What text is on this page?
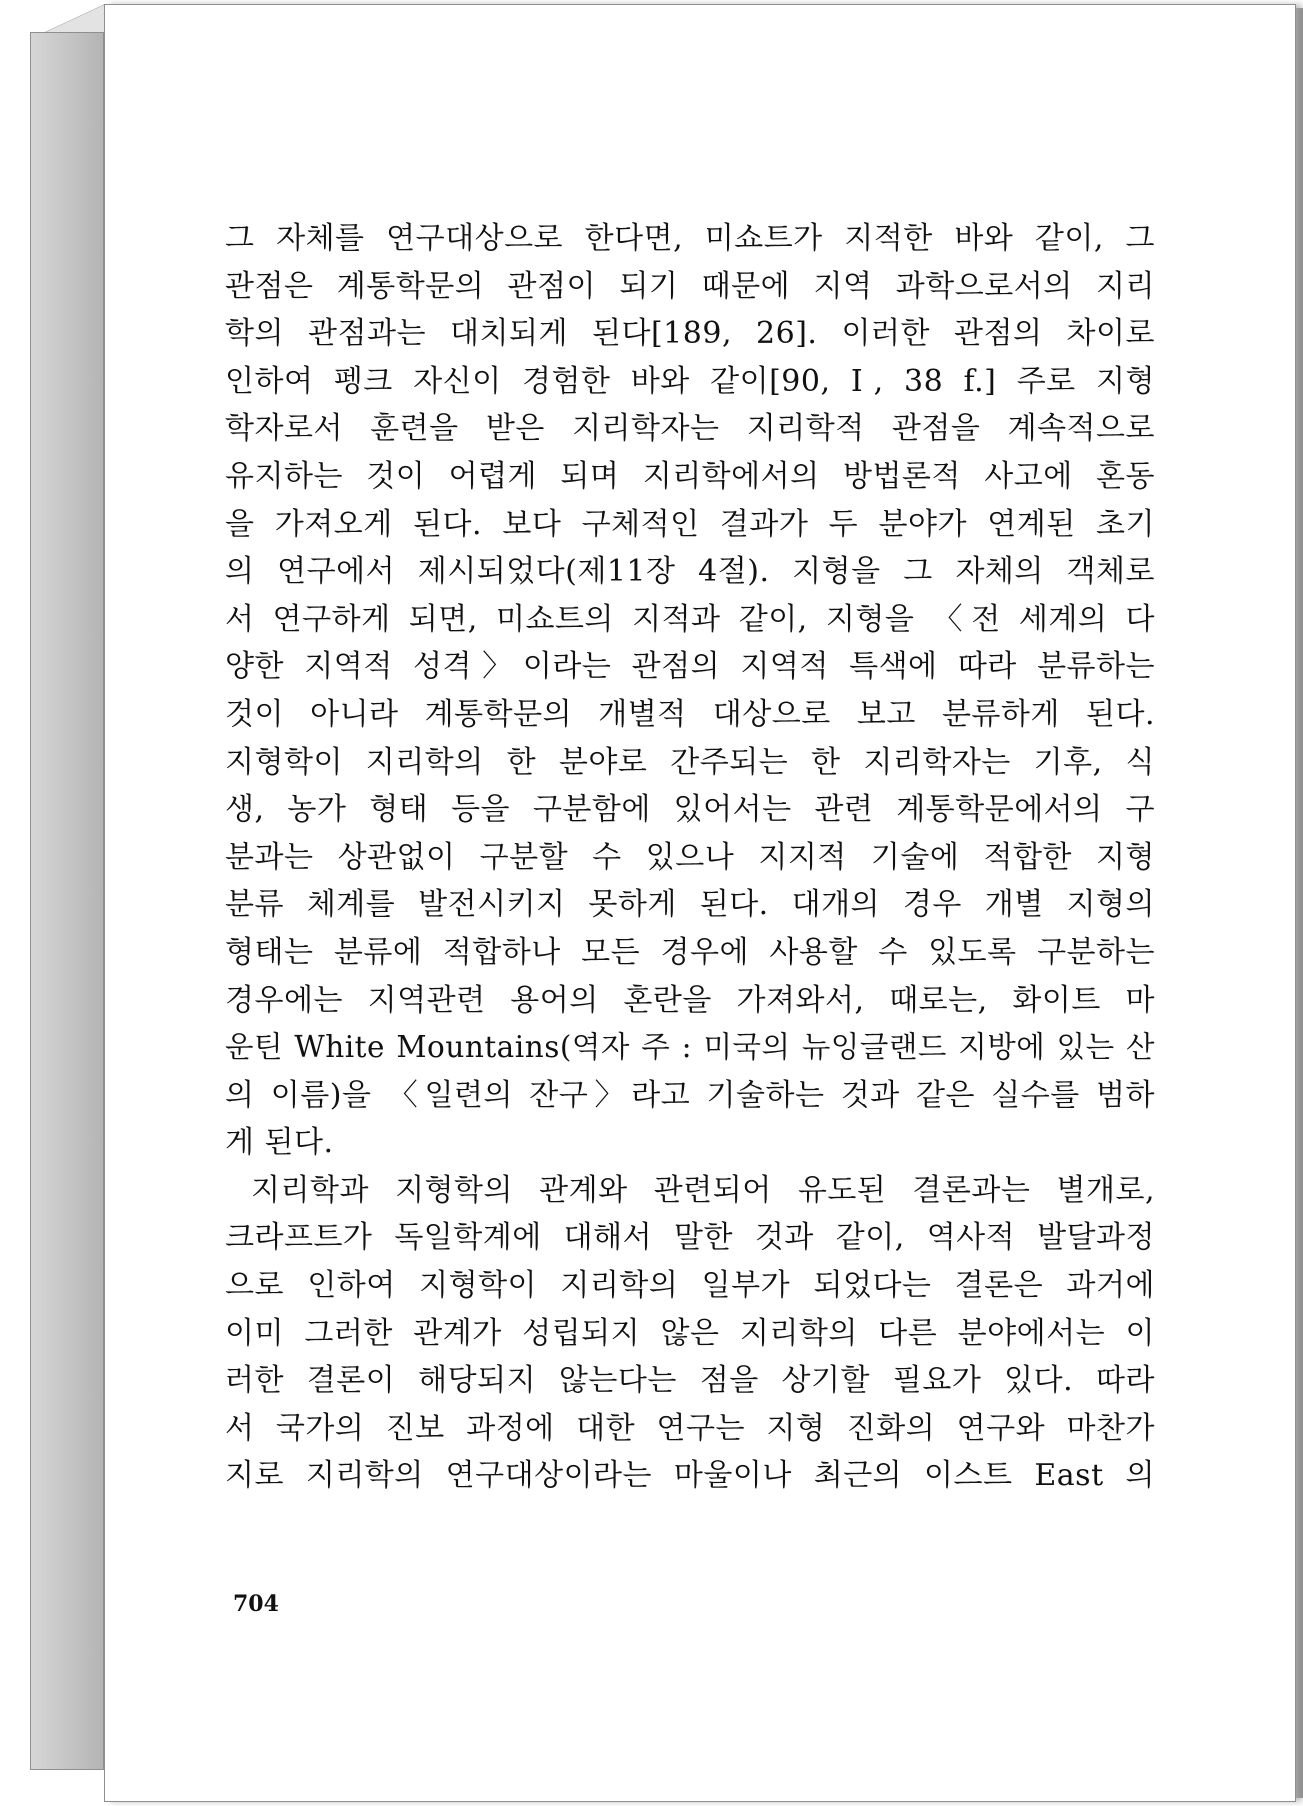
그 자체를 연구대상으로 한다면, 미쇼트가 지적한 바와 같이, 그
관점은 계통학문의 관점이 되기 때문에 지역 과학으로서의 지리
학의 관점과는 대치되게 된다[189, 26]. 이러한 관점의 차이로
인하여 펭크 자신이 경험한 바와 같이[90, Ⅰ, 38 f.] 주로 지형
학자로서 훈련을 받은 지리학자는 지리학적 관점을 계속적으로
유지하는 것이 어렵게 되며 지리학에서의 방법론적 사고에 혼동
을 가져오게 된다. 보다 구체적인 결과가 두 분야가 연계된 초기
의 연구에서 제시되었다(제11장 4절). 지형을 그 자체의 객체로
서 연구하게 되면, 미쇼트의 지적과 같이, 지형을 〈전 세계의 다
양한 지역적 성격〉이라는 관점의 지역적 특색에 따라 분류하는
것이 아니라 계통학문의 개별적 대상으로 보고 분류하게 된다.
지형학이 지리학의 한 분야로 간주되는 한 지리학자는 기후, 식
생, 농가 형태 등을 구분함에 있어서는 관련 계통학문에서의 구
분과는 상관없이 구분할 수 있으나 지지적 기술에 적합한 지형
분류 체계를 발전시키지 못하게 된다. 대개의 경우 개별 지형의
형태는 분류에 적합하나 모든 경우에 사용할 수 있도록 구분하는
경우에는 지역관련 용어의 혼란을 가져와서, 때로는, 화이트 마
운틴 White Mountains(역자 주 : 미국의 뉴잉글랜드 지방에 있는 산
의 이름)을 〈일련의 잔구〉라고 기술하는 것과 같은 실수를 범하
게 된다.
지리학과 지형학의 관계와 관련되어 유도된 결론과는 별개로,
크라프트가 독일학계에 대해서 말한 것과 같이, 역사적 발달과정
으로 인하여 지형학이 지리학의 일부가 되었다는 결론은 과거에
이미 그러한 관계가 성립되지 않은 지리학의 다른 분야에서는 이
러한 결론이 해당되지 않는다는 점을 상기할 필요가 있다. 따라
서 국가의 진보 과정에 대한 연구는 지형 진화의 연구와 마찬가
지로 지리학의 연구대상이라는 마울이나 최근의 이스트 East 의
704
